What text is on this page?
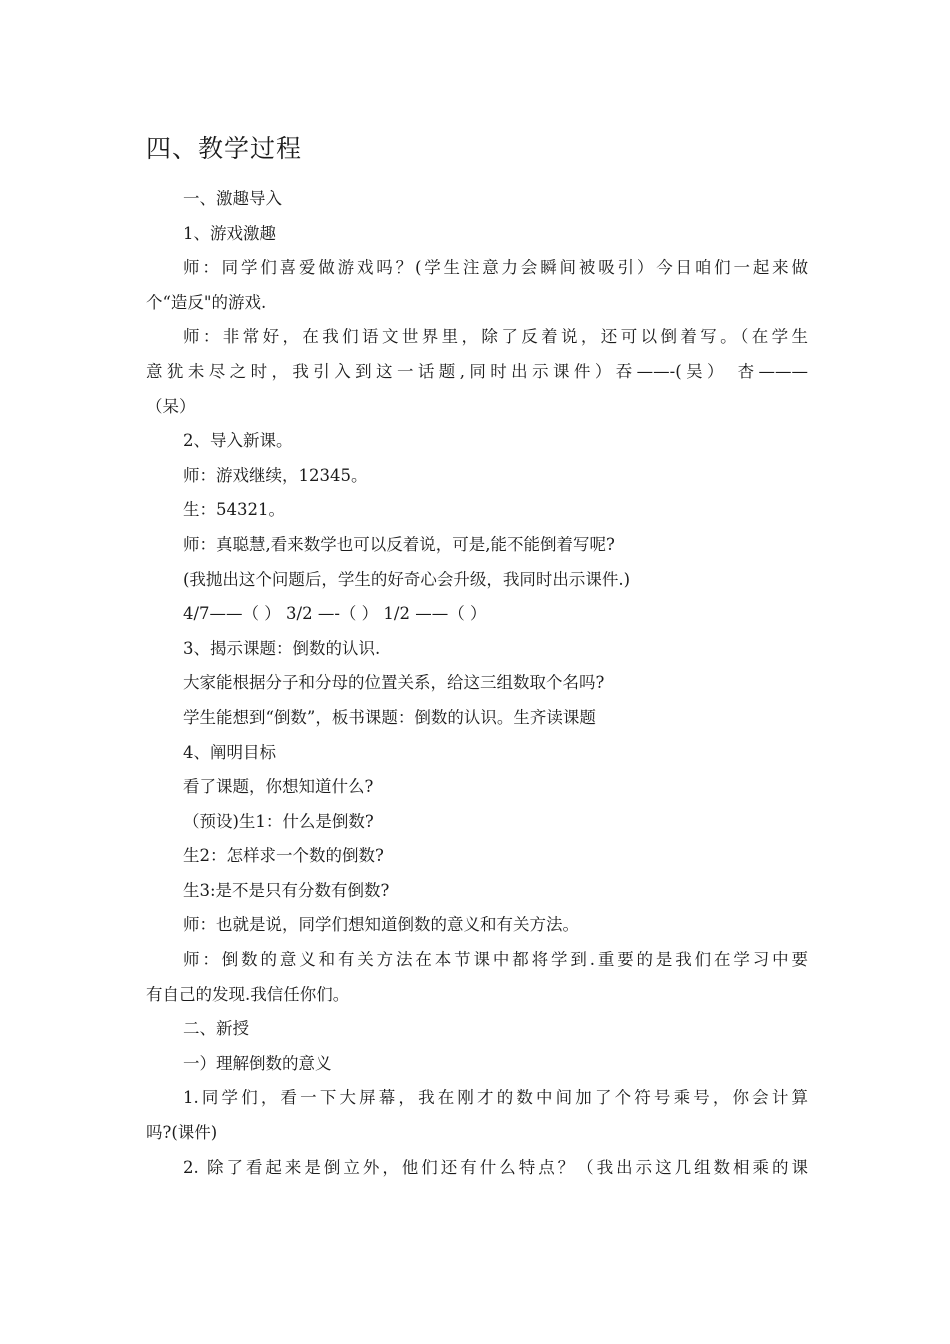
四、教学过程

一、激趣导入

1、游戏激趣

师：同学们喜爱做游戏吗？(学生注意力会瞬间被吸引）今日咱们一起来做

个“造反"的游戏.

师：非常好，在我们语文世界里，除了反着说，还可以倒着写。（在学生

意犹未尽之时，我引入到这一话题,同时出示课件）吞——-(吴） 杏———

（呆）

2、导入新课。

师：游戏继续，12345。

生：54321。

师：真聪慧,看来数学也可以反着说，可是,能不能倒着写呢?

(我抛出这个问题后，学生的好奇心会升级，我同时出示课件.)

4/7——（ ） 3/2 —-（ ） 1/2 ——（ ）

3、揭示课题：倒数的认识.

大家能根据分子和分母的位置关系，给这三组数取个名吗?

学生能想到“倒数”，板书课题：倒数的认识。生齐读课题

4、阐明目标

看了课题，你想知道什么?

（预设)生1：什么是倒数?

生2：怎样求一个数的倒数?

生3:是不是只有分数有倒数?

师：也就是说，同学们想知道倒数的意义和有关方法。

师：倒数的意义和有关方法在本节课中都将学到.重要的是我们在学习中要

有自己的发现.我信任你们。

二、新授

一）理解倒数的意义

1.同学们，看一下大屏幕，我在刚才的数中间加了个符号乘号，你会计算

吗?(课件)

2. 除了看起来是倒立外，他们还有什么特点？（我出示这几组数相乘的课
